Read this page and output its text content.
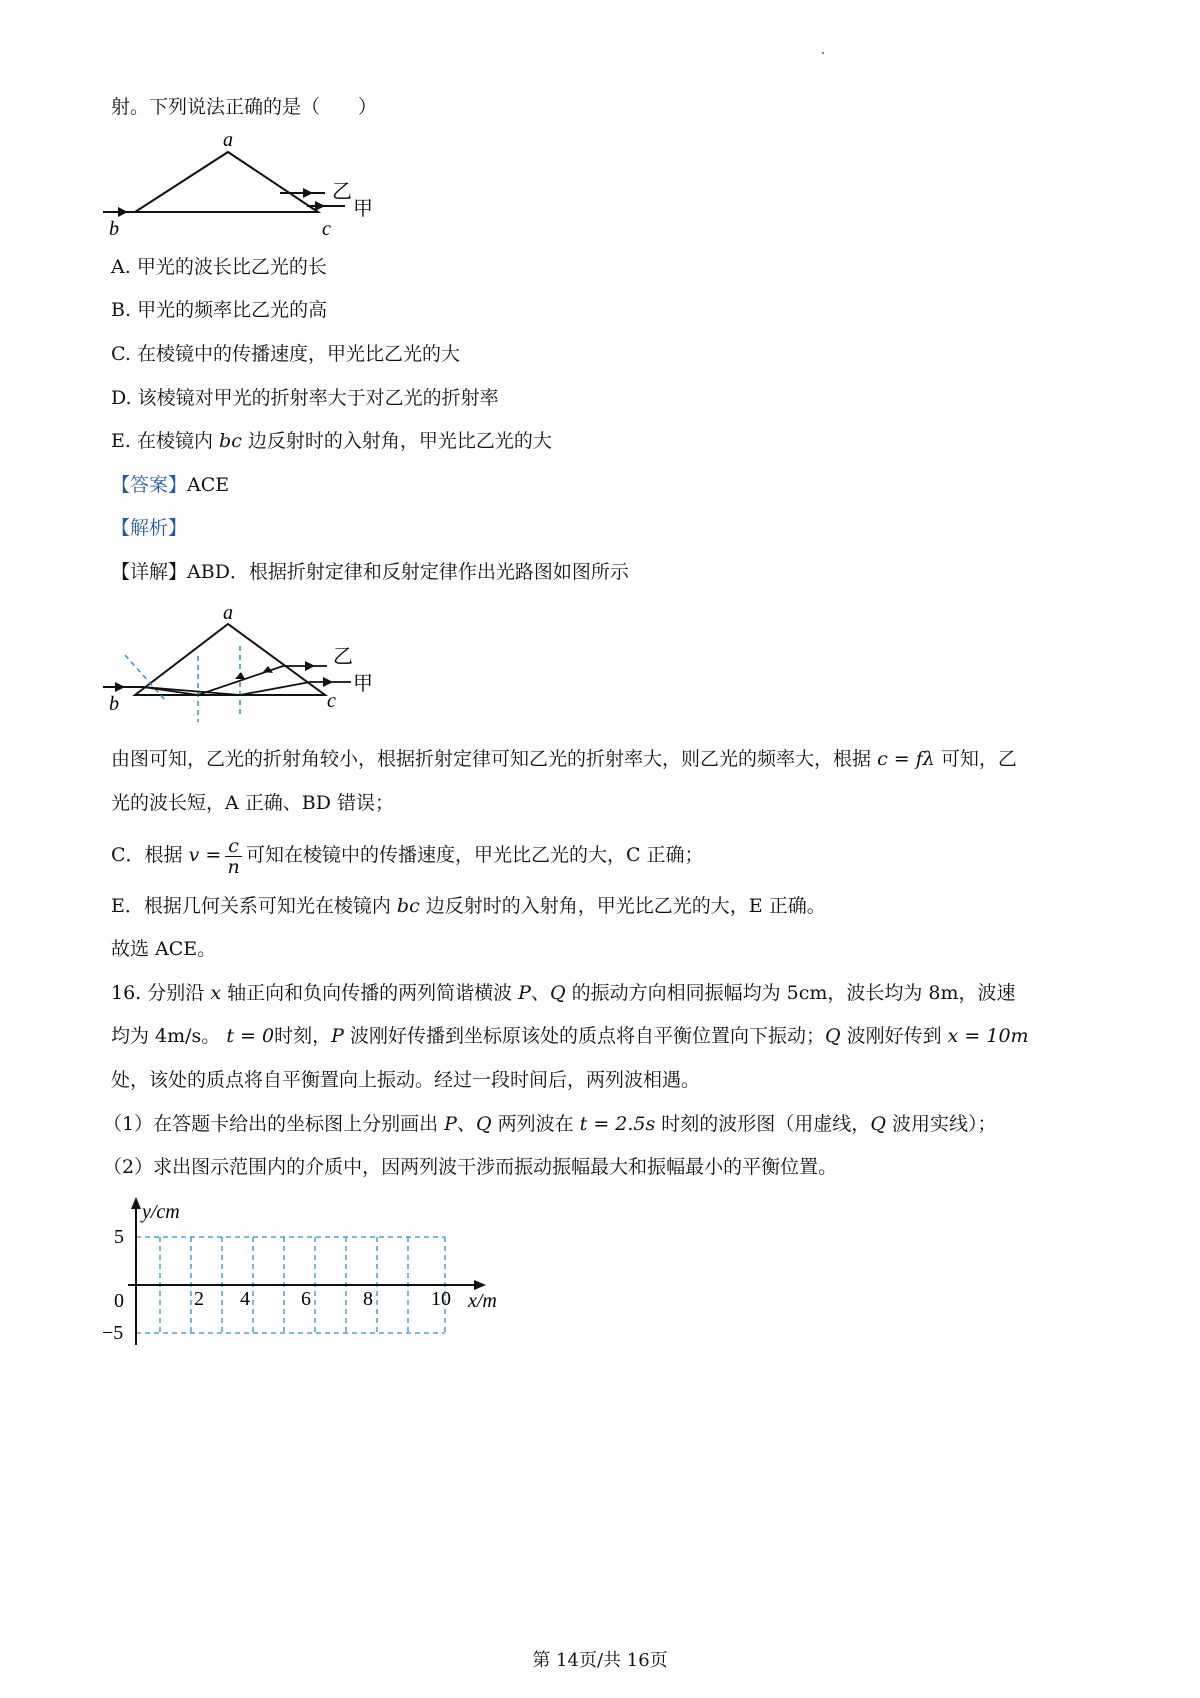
射。下列说法正确的是（　　）
a
b	c
乙
甲
A. 甲光的波长比乙光的长
B. 甲光的频率比乙光的高
C. 在棱镜中的传播速度，甲光比乙光的大
D. 该棱镜对甲光的折射率大于对乙光的折射率
E. 在棱镜内 bc 边反射时的入射角，甲光比乙光的大
【答案】ACE
【解析】
【详解】ABD．根据折射定律和反射定律作出光路图如图所示
a
b	c
乙
甲
由图可知，乙光的折射角较小，根据折射定律可知乙光的折射率大，则乙光的频率大，根据 c = fλ 可知，乙
光的波长短，A 正确、BD 错误；
C．根据 $v = \frac{c}{n}$ 可知在棱镜中的传播速度，甲光比乙光的大，C 正确；
E．根据几何关系可知光在棱镜内 bc 边反射时的入射角，甲光比乙光的大，E 正确。
故选 ACE。
16. 分别沿 x 轴正向和负向传播的两列简谐横波 P、Q 的振动方向相同振幅均为 5cm，波长均为 8m，波速
均为 4m/s。 t = 0时刻，P 波刚好传播到坐标原该处的质点将自平衡位置向下振动；Q 波刚好传到 x = 10m
处，该处的质点将自平衡置向上振动。经过一段时间后，两列波相遇。
（1）在答题卡给出的坐标图上分别画出 P、Q 两列波在 t = 2.5s 时刻的波形图（用虚线，Q 波用实线）；
（2）求出图示范围内的介质中，因两列波干涉而振动振幅最大和振幅最小的平衡位置。
y/cm
x/m
0
5
−5
2 4	6	8	10
第 14页/共 16页
